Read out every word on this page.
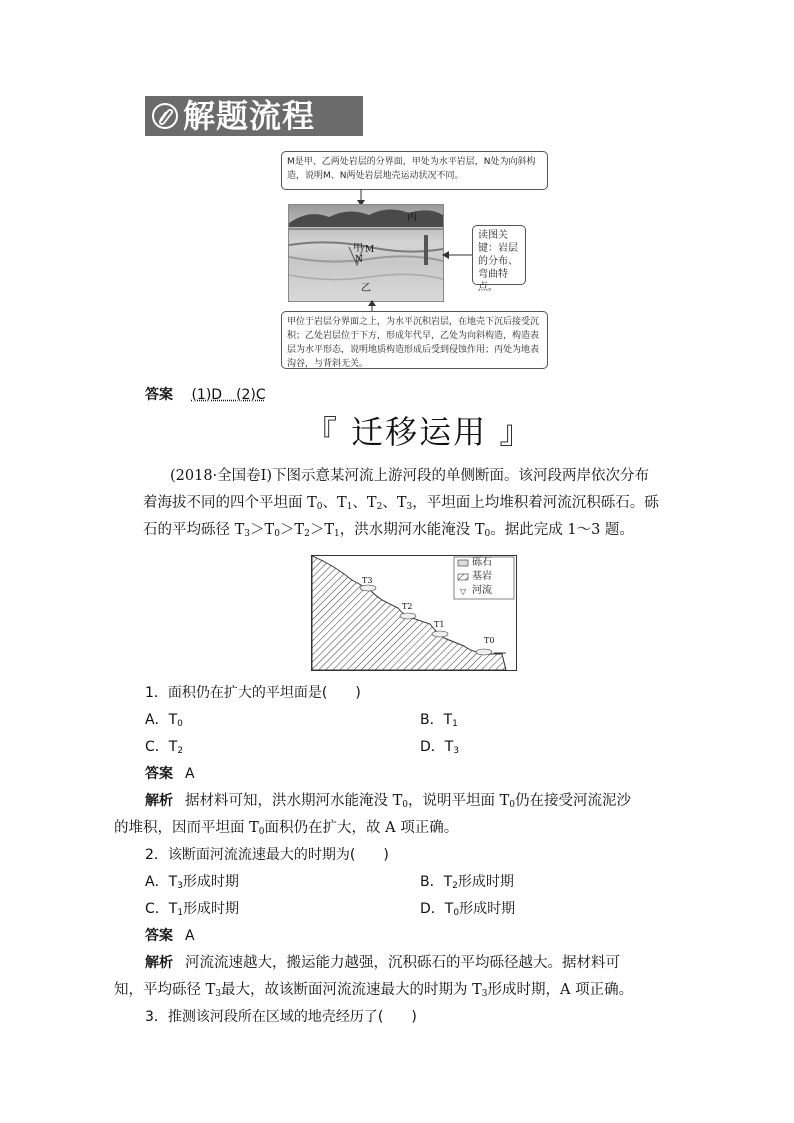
解题流程
M是甲、乙两处岩层的分界面，甲处为水平岩层，N处为向斜构造，说明M、N两处岩层地壳运动状况不同。
丙
甲 M
N
乙
读图关键：岩层的分布、弯曲特点。
甲位于岩层分界面之上，为水平沉积岩层，在地壳下沉后接受沉积；乙处岩层位于下方，形成年代早，乙处为向斜构造，构造表层为水平形态，说明地质构造形成后受到侵蚀作用；丙处为地表沟谷，与背斜无关。
答案 (1)D　(2)C
『 迁移运用 』
(2018·全国卷Ⅰ)下图示意某河流上游河段的单侧断面。该河段两岸依次分布
着海拔不同的四个平坦面 $T_0$、$T_1$、$T_2$、$T_3$，平坦面上均堆积着河流沉积砾石。砾
石的平均砾径 $T_3>T_0>T_2>T_1$，洪水期河水能淹没 $T_0$。据此完成 1～3 题。
▽
砾石
基岩
河流
T3
T2
T1
T0
1．面积仍在扩大的平坦面是(　　)
A．$T_0$	B．$T_1$
C．$T_2$	D．$T_3$
答案 A
解析 据材料可知，洪水期河水能淹没 $T_0$，说明平坦面 $T_0$仍在接受河流泥沙
的堆积，因而平坦面 $T_0$面积仍在扩大，故 A 项正确。
2．该断面河流流速最大的时期为(　　)
A．$T_3$形成时期	B．$T_2$形成时期
C．$T_1$形成时期	D．$T_0$形成时期
答案 A
解析 河流流速越大，搬运能力越强，沉积砾石的平均砾径越大。据材料可
知，平均砾径 $T_3$最大，故该断面河流流速最大的时期为 $T_3$形成时期，A 项正确。
3．推测该河段所在区域的地壳经历了(　　)
